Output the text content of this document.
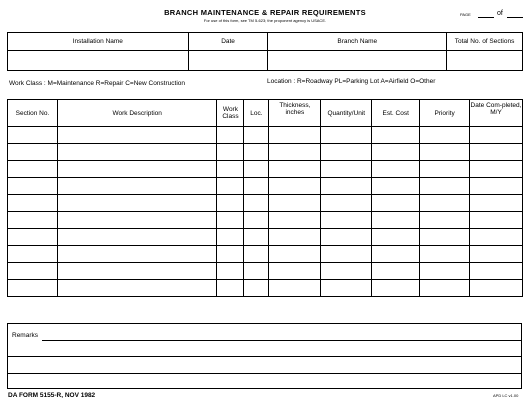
BRANCH MAINTENANCE & REPAIR REQUIREMENTS
For use of this form, see TM 5-623; the proponent agency is USACE.
PAGE	of
Installation Name	Date	Branch Name	Total No. of Sections

Work Class : M=Maintenance R=Repair C=New Construction	Location : R=Roadway PL=Parking Lot A=Airfield O=Other
Section No.	Work Description	Work Class	Loc.	Thickness, inches	Quantity/Unit	Est. Cost	Priority	Date Com-pleted, M/Y

Remarks
DA FORM 5155-R, NOV 1982	APD LC v1.00
